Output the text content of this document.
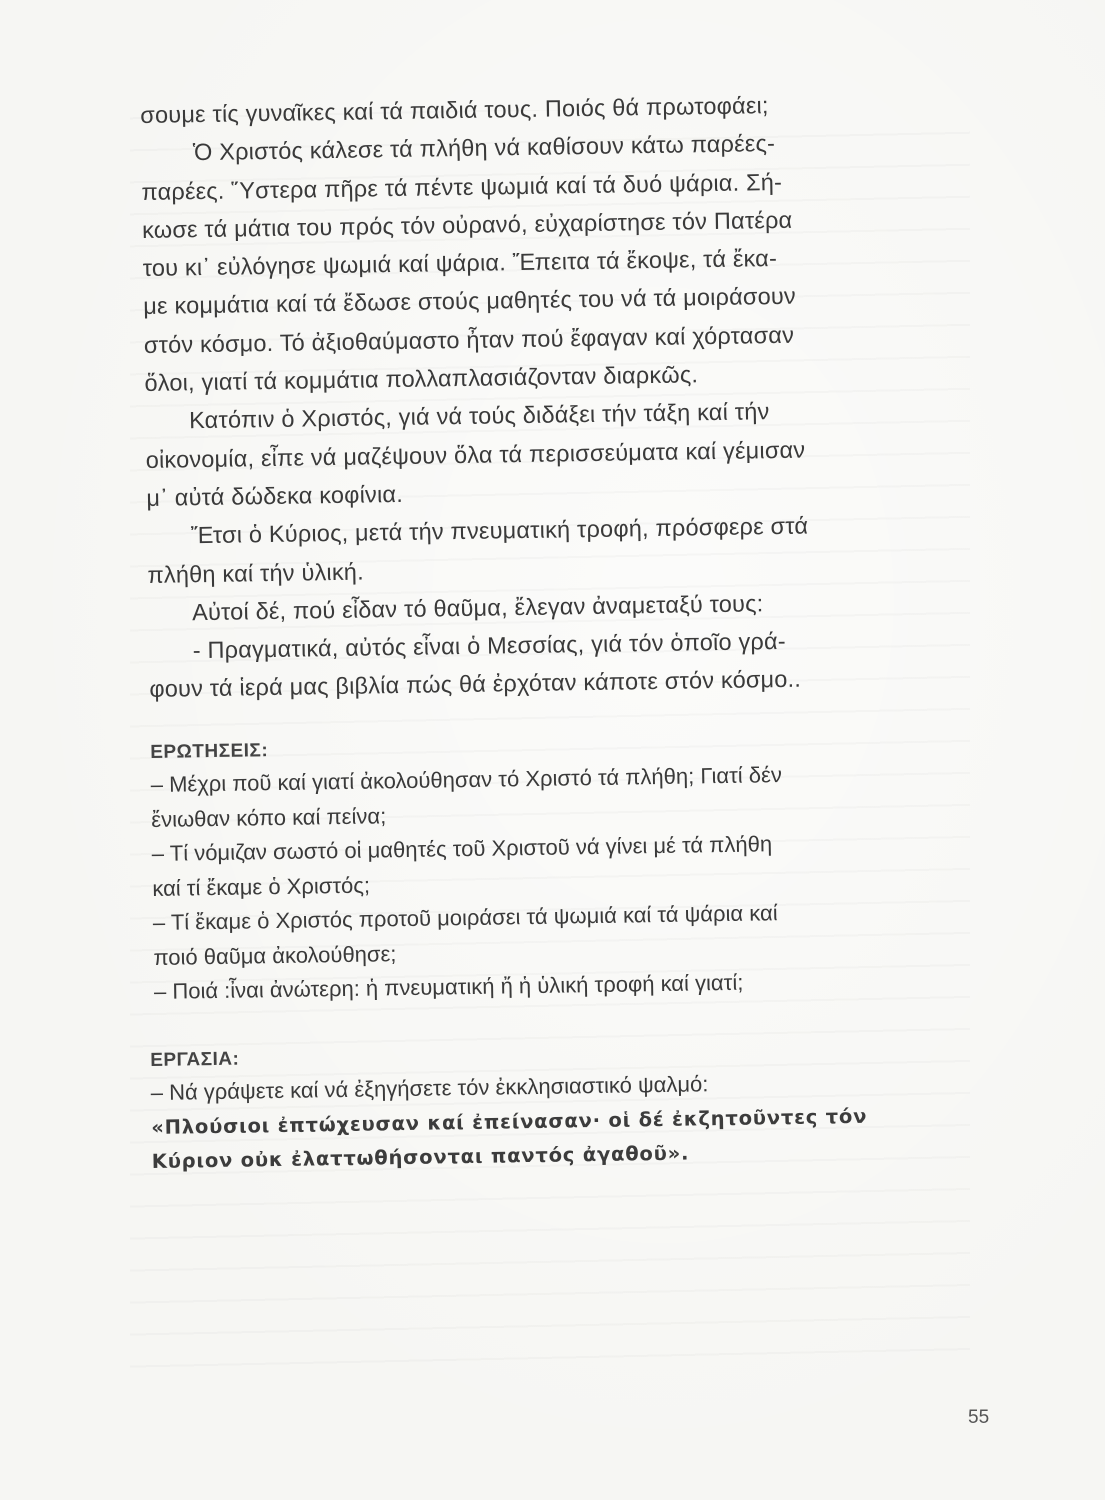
σουμε τίς γυναῖκες καί τά παιδιά τους. Ποιός θά πρωτοφάει;
Ὁ Χριστός κάλεσε τά πλήθη νά καθίσουν κάτω παρέες-
παρέες. Ὕστερα πῆρε τά πέντε ψωμιά καί τά δυό ψάρια. Σή-
κωσε τά μάτια του πρός τόν οὐρανό, εὐχαρίστησε τόν Πατέρα
του κι᾽ εὐλόγησε ψωμιά καί ψάρια. Ἔπειτα τά ἔκοψε, τά ἔκα-
με κομμάτια καί τά ἔδωσε στούς μαθητές του νά τά μοιράσουν
στόν κόσμο. Τό ἀξιοθαύμαστο ἦταν πού ἔφαγαν καί χόρτασαν
ὅλοι, γιατί τά κομμάτια πολλαπλασιάζονταν διαρκῶς.
Κατόπιν ὁ Χριστός, γιά νά τούς διδάξει τήν τάξη καί τήν
οἰκονομία, εἶπε νά μαζέψουν ὅλα τά περισσεύματα καί γέμισαν
μ᾽ αὐτά δώδεκα κοφίνια.
Ἔτσι ὁ Κύριος, μετά τήν πνευματική τροφή, πρόσφερε στά
πλήθη καί τήν ὑλική.
Αὐτοί δέ, πού εἶδαν τό θαῦμα, ἔλεγαν ἀναμεταξύ τους:
- Πραγματικά, αὐτός εἶναι ὁ Μεσσίας, γιά τόν ὁποῖο γρά-
φουν τά ἱερά μας βιβλία πώς θά ἐρχόταν κάποτε στόν κόσμο..
ΕΡΩΤΗΣΕΙΣ:
– Μέχρι ποῦ καί γιατί ἀκολούθησαν τό Χριστό τά πλήθη; Γιατί δέν
ἔνιωθαν κόπο καί πείνα;
– Τί νόμιζαν σωστό οἱ μαθητές τοῦ Χριστοῦ νά γίνει μέ τά πλήθη
καί τί ἔκαμε ὁ Χριστός;
– Τί ἔκαμε ὁ Χριστός προτοῦ μοιράσει τά ψωμιά καί τά ψάρια καί
ποιό θαῦμα ἀκολούθησε;
– Ποιά :ἶναι ἀνώτερη: ἡ πνευματική ἤ ἡ ὑλική τροφή καί γιατί;
ΕΡΓΑΣΙΑ:
– Νά γράψετε καί νά ἐξηγήσετε τόν ἐκκλησιαστικό ψαλμό:
«Πλούσιοι ἐπτώχευσαν καί ἐπείνασαν· οἱ δέ ἐκζητοῦντες τόν
Κύριον οὐκ ἐλαττωθήσονται παντός ἀγαθοῦ».
55
